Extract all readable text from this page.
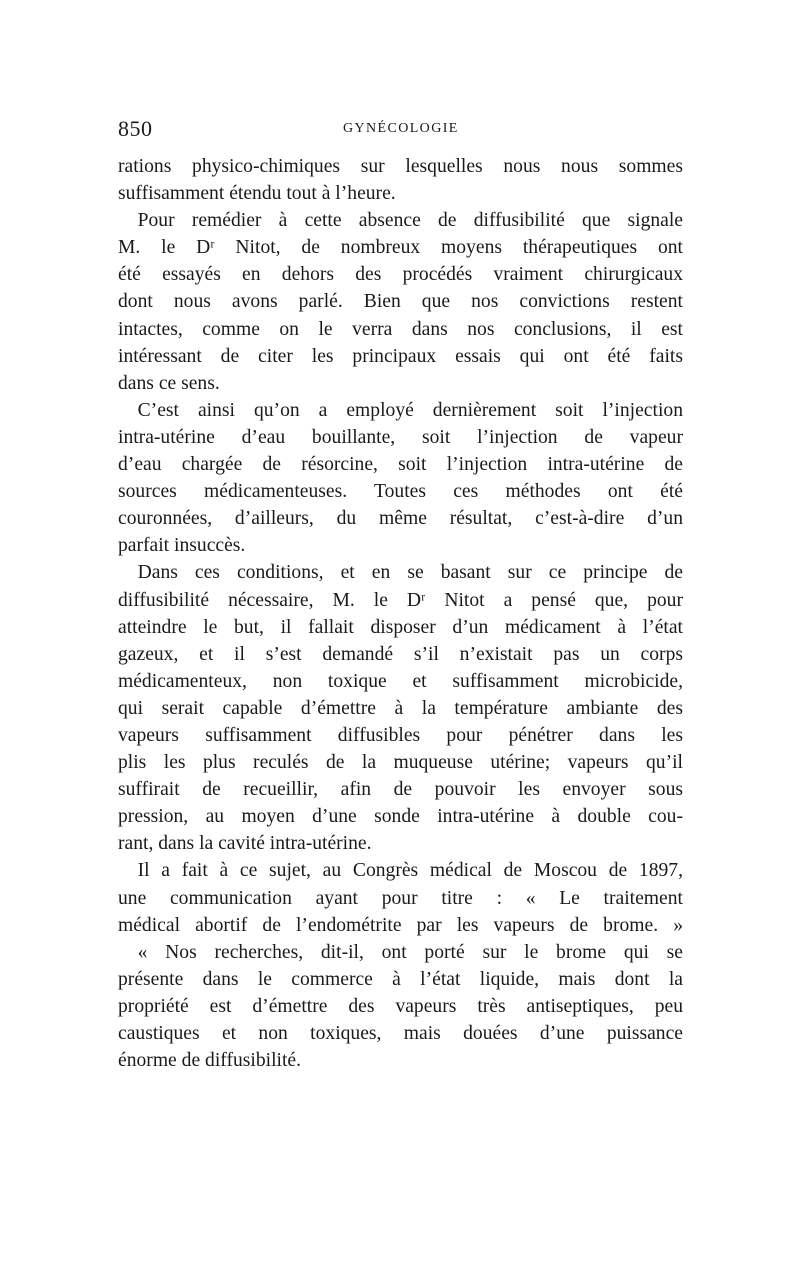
850	GYNÉCOLOGIE
rations physico-chimiques sur lesquelles nous nous sommes
suffisamment étendu tout à l’heure.
 Pour remédier à cette absence de diffusibilité que signale
M. le Dʳ Nitot, de nombreux moyens thérapeutiques ont
été essayés en dehors des procédés vraiment chirurgicaux
dont nous avons parlé. Bien que nos convictions restent
intactes, comme on le verra dans nos conclusions, il est
intéressant de citer les principaux essais qui ont été faits
dans ce sens.
 C’est ainsi qu’on a employé dernièrement soit l’injection
intra-utérine d’eau bouillante, soit l’injection de vapeur
d’eau chargée de résorcine, soit l’injection intra-utérine de
sources médicamenteuses. Toutes ces méthodes ont été
couronnées, d’ailleurs, du même résultat, c’est-à-dire d’un
parfait insuccès.
 Dans ces conditions, et en se basant sur ce principe de
diffusibilité nécessaire, M. le Dʳ Nitot a pensé que, pour
atteindre le but, il fallait disposer d’un médicament à l’état
gazeux, et il s’est demandé s’il n’existait pas un corps
médicamenteux, non toxique et suffisamment microbicide,
qui serait capable d’émettre à la température ambiante des
vapeurs suffisamment diffusibles pour pénétrer dans les
plis les plus reculés de la muqueuse utérine; vapeurs qu’il
suffirait de recueillir, afin de pouvoir les envoyer sous
pression, au moyen d’une sonde intra-utérine à double cou-
rant, dans la cavité intra-utérine.
 Il a fait à ce sujet, au Congrès médical de Moscou de 1897,
une communication ayant pour titre : « Le traitement
médical abortif de l’endométrite par les vapeurs de brome. »
 « Nos recherches, dit-il, ont porté sur le brome qui se
présente dans le commerce à l’état liquide, mais dont la
propriété est d’émettre des vapeurs très antiseptiques, peu
caustiques et non toxiques, mais douées d’une puissance
énorme de diffusibilité.
